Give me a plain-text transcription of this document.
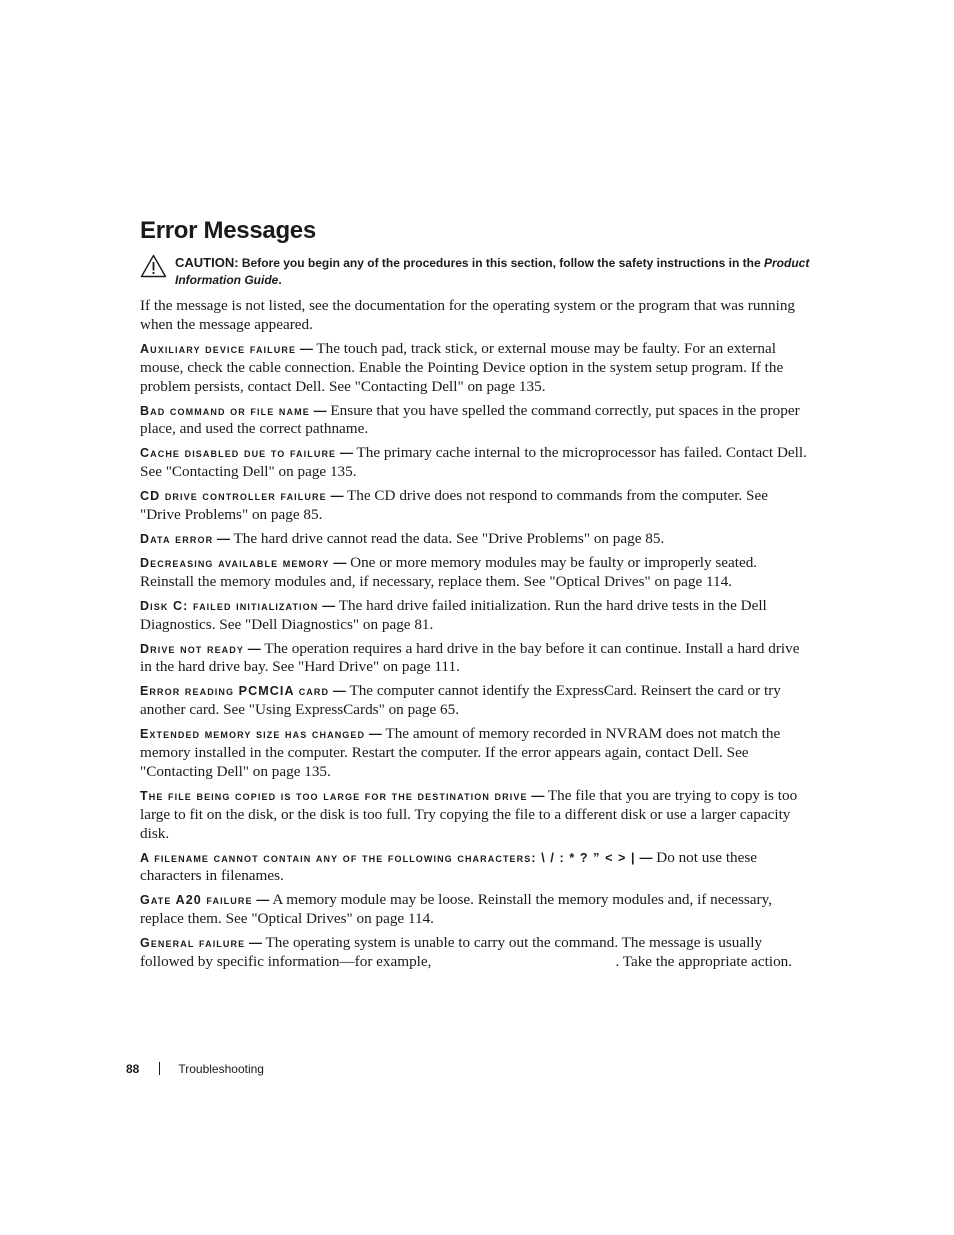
Error Messages
CAUTION: Before you begin any of the procedures in this section, follow the safety instructions in the Product Information Guide.

If the message is not listed, see the documentation for the operating system or the program that was running when the message appeared.

Auxiliary device failure — The touch pad, track stick, or external mouse may be faulty. For an external mouse, check the cable connection. Enable the Pointing Device option in the system setup program. If the problem persists, contact Dell. See "Contacting Dell" on page 135.

Bad command or file name — Ensure that you have spelled the command correctly, put spaces in the proper place, and used the correct pathname.

Cache disabled due to failure — The primary cache internal to the microprocessor has failed. Contact Dell. See "Contacting Dell" on page 135.

CD drive controller failure — The CD drive does not respond to commands from the computer. See "Drive Problems" on page 85.

Data error — The hard drive cannot read the data. See "Drive Problems" on page 85.

Decreasing available memory — One or more memory modules may be faulty or improperly seated. Reinstall the memory modules and, if necessary, replace them. See "Optical Drives" on page 114.

Disk C: failed initialization — The hard drive failed initialization. Run the hard drive tests in the Dell Diagnostics. See "Dell Diagnostics" on page 81.

Drive not ready — The operation requires a hard drive in the bay before it can continue. Install a hard drive in the hard drive bay. See "Hard Drive" on page 111.

Error reading PCMCIA card — The computer cannot identify the ExpressCard. Reinsert the card or try another card. See "Using ExpressCards" on page 65.

Extended memory size has changed — The amount of memory recorded in NVRAM does not match the memory installed in the computer. Restart the computer. If the error appears again, contact Dell. See "Contacting Dell" on page 135.

The file being copied is too large for the destination drive — The file that you are trying to copy is too large to fit on the disk, or the disk is too full. Try copying the file to a different disk or use a larger capacity disk.

A filename cannot contain any of the following characters: \ / : * ? ” < > | — Do not use these characters in filenames.

Gate A20 failure — A memory module may be loose. Reinstall the memory modules and, if necessary, replace them. See "Optical Drives" on page 114.

General failure — The operating system is unable to carry out the command. The message is usually followed by specific information—for example,	. Take the appropriate action.

88	Troubleshooting
